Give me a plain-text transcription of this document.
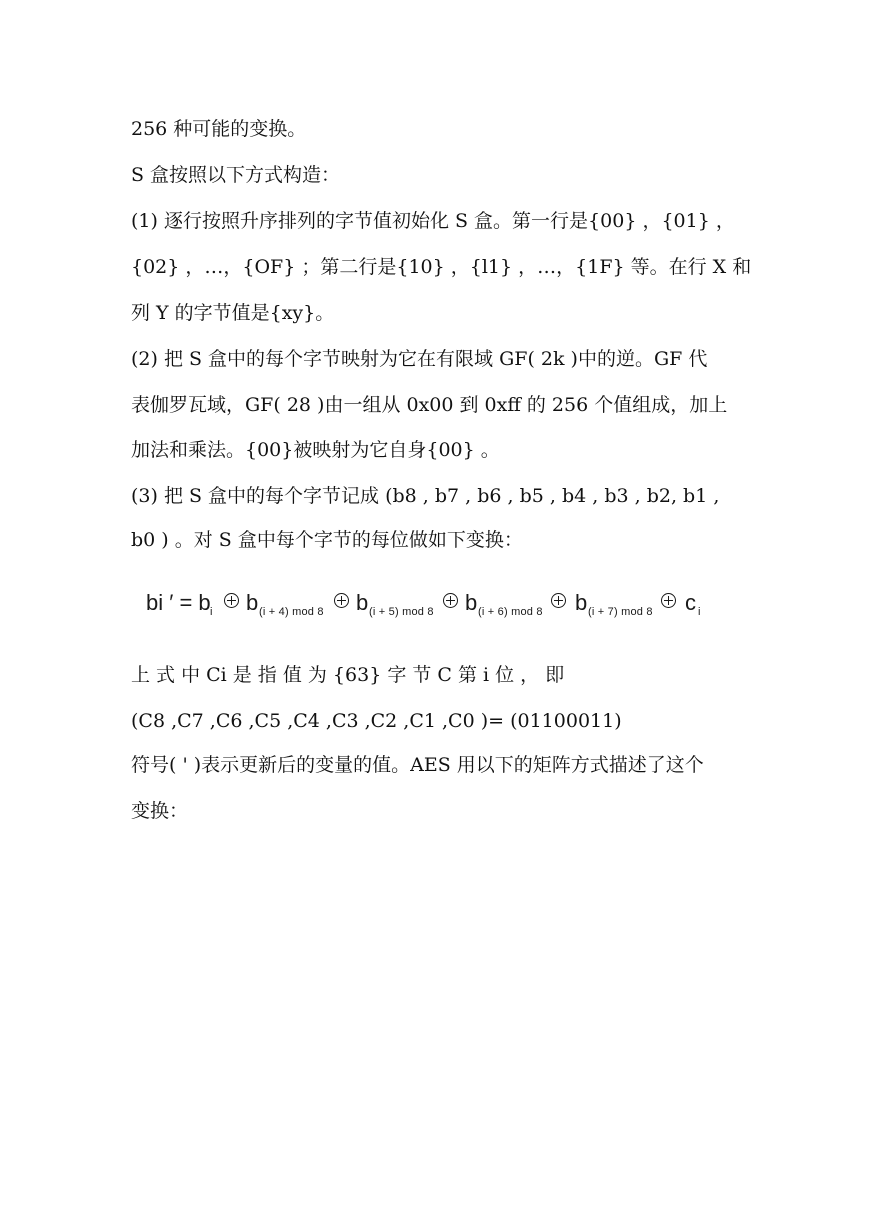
256 种可能的变换。
S 盒按照以下方式构造：
(1) 逐行按照升序排列的字节值初始化 S 盒。第一行是{00} ，{01} ，
{02} ，…，{OF} ；第二行是{10} ，{l1} ，…，{1F} 等。在行 X 和
列 Y 的字节值是{xy}。
(2) 把 S 盒中的每个字节映射为它在有限域 GF( 2k )中的逆。GF 代
表伽罗瓦域，GF( 28 )由一组从 0x00 到 0xff 的 256 个值组成，加上
加法和乘法。{00}被映射为它自身{00} 。
(3) 把 S 盒中的每个字节记成 (b8 , b7 , b6 , b5 , b4 , b3 , b2, b1 ,
b0 ) 。对 S 盒中每个字节的每位做如下变换：
bi ′ = b i b (i + 4) mod 8 b (i + 5) mod 8 b (i + 6) mod 8 b (i + 7) mod 8 c i
上 式 中 Ci 是 指 值 为 {63} 字 节 C 第 i 位 ， 即
(C8 ,C7 ,C6 ,C5 ,C4 ,C3 ,C2 ,C1 ,C0 )= (01100011)
符号( ' )表示更新后的变量的值。AES 用以下的矩阵方式描述了这个
变换：
